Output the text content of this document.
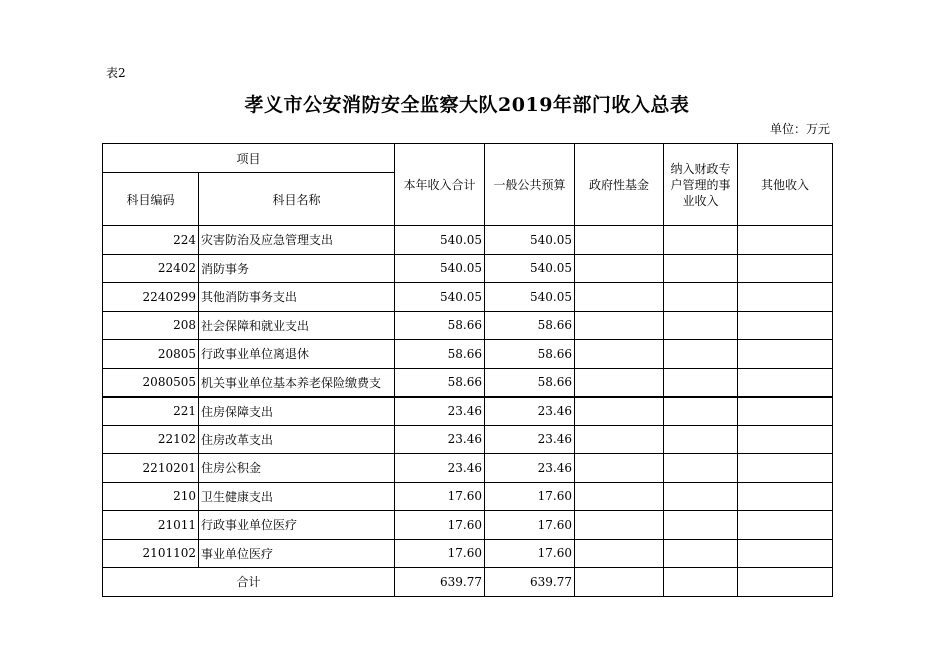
表2
孝义市公安消防安全监察大队2019年部门收入总表
单位：万元
项目		本年收入合计	一般公共预算	政府性基金	纳入财政专户管理的事业收入	其他收入
科目编码	科目名称					
224	灾害防治及应急管理支出	540.05	540.05			
22402	消防事务	540.05	540.05			
2240299	其他消防事务支出	540.05	540.05			
208	社会保障和就业支出	58.66	58.66			
20805	行政事业单位离退休	58.66	58.66			
2080505	机关事业单位基本养老保险缴费支	58.66	58.66			
221	住房保障支出	23.46	23.46			
22102	住房改革支出	23.46	23.46			
2210201	住房公积金	23.46	23.46			
210	卫生健康支出	17.60	17.60			
21011	行政事业单位医疗	17.60	17.60			
2101102	事业单位医疗	17.60	17.60			
合计		639.77	639.77			
